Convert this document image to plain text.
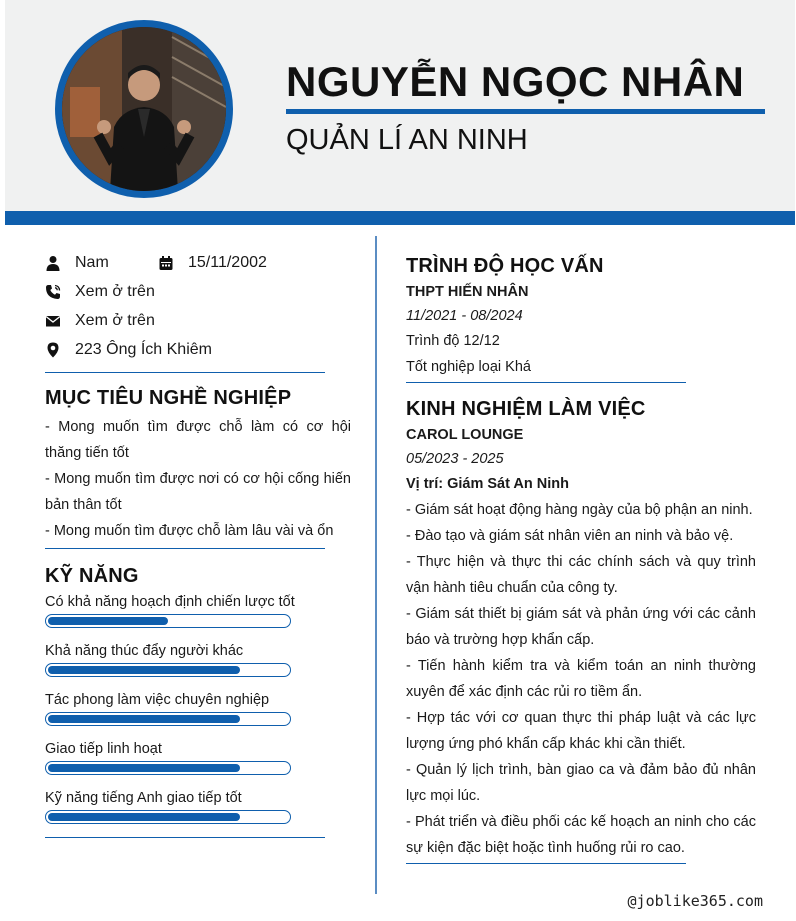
NGUYỄN NGỌC NHÂN
QUẢN LÍ AN NINH
Nam	15/11/2002
Xem ở trên
Xem ở trên
223 Ông Ích Khiêm
MỤC TIÊU NGHỀ NGHIỆP
- Mong muốn tìm được chỗ làm có cơ hội thăng tiến tốt
- Mong muốn tìm được nơi có cơ hội cống hiến bản thân tốt
- Mong muốn tìm được chỗ làm lâu vài và ổn
KỸ NĂNG
Có khả năng hoạch định chiến lược tốt
Khả năng thúc đẩy người khác
Tác phong làm việc chuyên nghiệp
Giao tiếp linh hoạt
Kỹ năng tiếng Anh giao tiếp tốt
TRÌNH ĐỘ HỌC VẤN
THPT HIẾN NHÂN
11/2021 - 08/2024
Trình độ 12/12
Tốt nghiệp loại Khá
KINH NGHIỆM LÀM VIỆC
CAROL LOUNGE
05/2023 - 2025
Vị trí: Giám Sát An Ninh
- Giám sát hoạt động hàng ngày của bộ phận an ninh.
- Đào tạo và giám sát nhân viên an ninh và bảo vệ.
- Thực hiện và thực thi các chính sách và quy trình vận hành tiêu chuẩn của công ty.
- Giám sát thiết bị giám sát và phản ứng với các cảnh báo và trường hợp khẩn cấp.
- Tiến hành kiểm tra và kiểm toán an ninh thường xuyên để xác định các rủi ro tiềm ẩn.
- Hợp tác với cơ quan thực thi pháp luật và các lực lượng ứng phó khẩn cấp khác khi cần thiết.
- Quản lý lịch trình, bàn giao ca và đảm bảo đủ nhân lực mọi lúc.
- Phát triển và điều phối các kế hoạch an ninh cho các sự kiện đặc biệt hoặc tình huống rủi ro cao.
@joblike365.com
